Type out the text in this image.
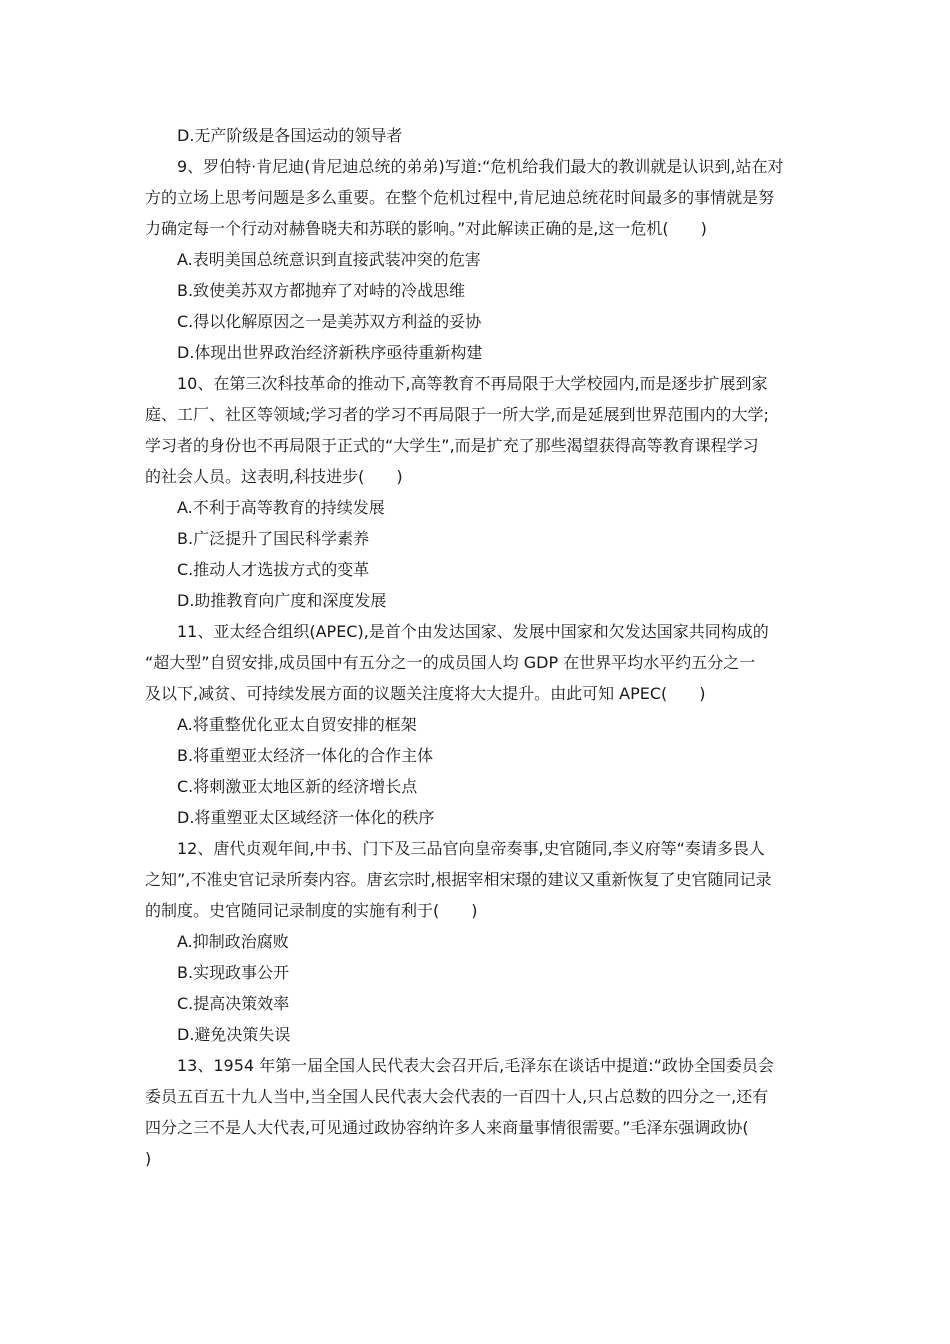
D.无产阶级是各国运动的领导者
9、罗伯特·肯尼迪(肯尼迪总统的弟弟)写道:“危机给我们最大的教训就是认识到,站在对
方的立场上思考问题是多么重要。在整个危机过程中,肯尼迪总统花时间最多的事情就是努
力确定每一个行动对赫鲁晓夫和苏联的影响。”对此解读正确的是,这一危机(　　)
A.表明美国总统意识到直接武装冲突的危害
B.致使美苏双方都抛弃了对峙的冷战思维
C.得以化解原因之一是美苏双方利益的妥协
D.体现出世界政治经济新秩序亟待重新构建
10、在第三次科技革命的推动下,高等教育不再局限于大学校园内,而是逐步扩展到家
庭、工厂、社区等领域;学习者的学习不再局限于一所大学,而是延展到世界范围内的大学;
学习者的身份也不再局限于正式的“大学生”,而是扩充了那些渴望获得高等教育课程学习
的社会人员。这表明,科技进步(　　)
A.不利于高等教育的持续发展
B.广泛提升了国民科学素养
C.推动人才选拔方式的变革
D.助推教育向广度和深度发展
11、亚太经合组织(APEC),是首个由发达国家、发展中国家和欠发达国家共同构成的
“超大型”自贸安排,成员国中有五分之一的成员国人均 GDP 在世界平均水平约五分之一
及以下,减贫、可持续发展方面的议题关注度将大大提升。由此可知 APEC(　　)
A.将重整优化亚太自贸安排的框架
B.将重塑亚太经济一体化的合作主体
C.将刺激亚太地区新的经济增长点
D.将重塑亚太区域经济一体化的秩序
12、唐代贞观年间,中书、门下及三品官向皇帝奏事,史官随同,李义府等“奏请多畏人
之知”,不准史官记录所奏内容。唐玄宗时,根据宰相宋璟的建议又重新恢复了史官随同记录
的制度。史官随同记录制度的实施有利于(　　)
A.抑制政治腐败
B.实现政事公开
C.提高决策效率
D.避免决策失误
13、1954 年第一届全国人民代表大会召开后,毛泽东在谈话中提道:“政协全国委员会
委员五百五十九人当中,当全国人民代表大会代表的一百四十人,只占总数的四分之一,还有
四分之三不是人大代表,可见通过政协容纳许多人来商量事情很需要。”毛泽东强调政协(
)
